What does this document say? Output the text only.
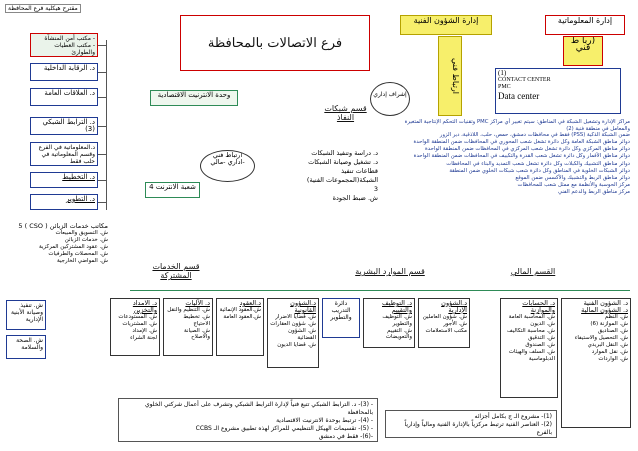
مقترح هيكلية فرع المحافظة
فرع الاتصالات بالمحافظة
إدارة المعلوماتية
(ربا ط فني
إدارة الشؤون الفنية
ارتباط فني	(1)
CONTACT CENTER
PMC
Data center
- مكتب أمن المنشآة
- مكتب العطيات والطوارئ
د. الرقابة الداخلية
د. العلاقات العامة
د. الترابط الشبكي (3)
د.المعلوماتية في الفرع وقسم المعلوماتية في حلب فقط
د. التخطيط
د. التطوير
مكاتب خدمات الزبائن ( CSO ) 5
ش. التسويق والمبيعات
ش. خدمات الزبائن
ش. عقود المشتركين المركزية
ش. المحصلات والطرفيات
ش. المواضي الخارجية
وحدة الانترنيت الاقتصادية
ارتباط فني
-اداري -مالي
شعبة الانترنت 4
قسم شبكات النفاذ
إشراف إداري
د. دراسة وتنفيذ الشبكات
د. تشغيل وصيانة الشبكات
قطاعات تنفيذ الشبكة(المجموعات الفنية) 3
ش. ضبط الجودة
مراكز الإدارة وتشغيل الشبكة في المناطق: سيتم تغيير أي مراكز PMC وتقنيات التحكم الإنتاجية المتغيرة والمعامل في منطقة فنية (2)
ضمن الشبكة الذكية (PSS) فقط في محافظات دمشق، حمص، حلب، اللاذقية، دير الزور
دوائر مناطق الشبكة العامة وكل دائرة تشغل شعب المحوري في المحافظات ضمن المنطقة الواحدة
دوائر مناطق المركزي وكل دائرة تشغل شعب المركزي في المحافظات ضمن المنطقة الواحدة
دوائر مناطق الأقمار وكل دائرة تشغل شعب القدرة والتكييف في المحافظات ضمن المنطقة الواحدة
دوائر مناطق التشبيك والكبلات وكل دائرة تشغل شعب التمديد والبناء في المحافظات
دوائر الشبكات الخلوية في المناطق وكل دائرة شعب شبكات الخلوي ضمن المنطقة
دوائر مناطق الربط والتشبيك والأكسس ضمن الموقع
مركز الحوسبة والأنظمة مع ممثل شعب للمحافظات
مركز مناطق الربط والدعم الفني
قسم الخدمات المشتركة	قسم الموارد البشرية	القسم المالي
ش. تنفيذ وصيانة الأبنية الإدارية
ش. الصحة والسلامة
د. الامداد والتخزين
ش. المستودعات
ش. المشتريات
ش. الإمداد
لجنة الشراء
د. الآليات
ش. التنظيم والنقل
ش. تخطيط الاحتياج
ش. الصيانة والاصلاح
د.العقود
ش.العقود الإنمائية
ش.العقود العامة
د.الشؤون القانونية
ش. قضايا الاضرار
ش. شؤون العقارات
ش. الشؤون القضائية
ش. قضايا الديون
دائرة التدريب والتطوير
د. التوظيف والتقييم
ش. التوظيف والتطوير
ش. التقييم والتعويضات
د.الشؤون الإدارية
ش. شؤون العاملين
ش. الأجور
مكتب الاستعلامات
د. الحسابات والموازنة
ش. المحاسبة العامة
ش. الديون
ش. محاسبة التكاليف
ش. التدقيق
ش. الصندوق
ش. السلف والهيئات الدبلوماسية
د. الشؤون الفنية
د. الشؤون المالية
ش. النظم
ش. الموازنة (6)
ش. الصناديق
ش. التحصيل والاستيفاء
ش. النقل البريدي
ش. نقل الموارد
ش. الواردات
- (3)- د. الترابط الشبكي تتبع فنياً لإدارة الترابط الشبكي وتشرف على أعمال شركتي الخلوي بالمحافظة
- (4)- ترتبط بوحدة الانترنيت الاقتصادية
- (5)- تقسيمات الهيكل التنظيمي للمراكز لهذه تطبيق مشروع الـ CCBS
-(6)- فقط في دمشق
(1)- مشروع الـ ج بكامل أجزائه
(2)- العناصر الفنية ترتبط مركزياً بالإدارة الفنية ومالياً وإدارياً بالفرع
